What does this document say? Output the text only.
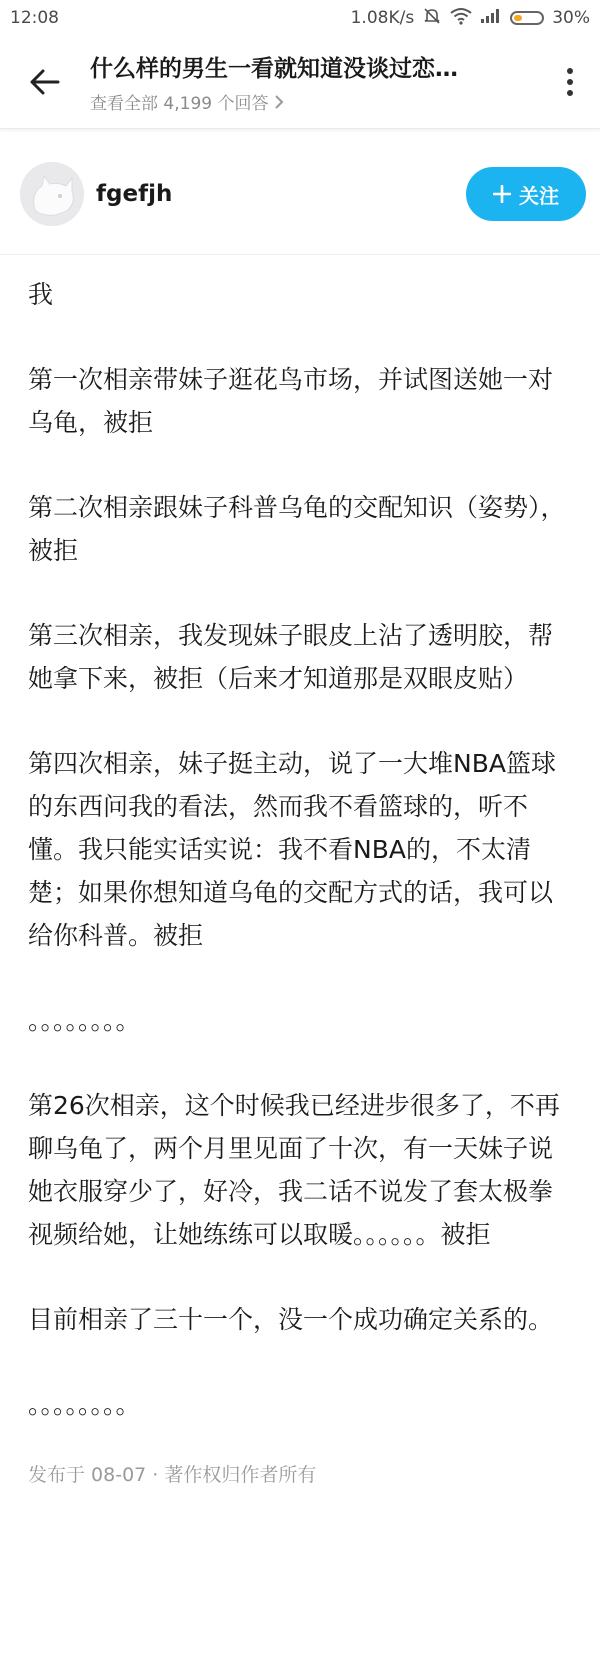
12:08	1.08K/s	30%
什么样的男生一看就知道没谈过恋…
查看全部 4,199 个回答
fgefjh	关注

我

第一次相亲带妹子逛花鸟市场，并试图送她一对乌龟，被拒

第二次相亲跟妹子科普乌龟的交配知识（姿势），被拒

第三次相亲，我发现妹子眼皮上沾了透明胶，帮她拿下来，被拒（后来才知道那是双眼皮贴）

第四次相亲，妹子挺主动，说了一大堆NBA篮球的东西问我的看法，然而我不看篮球的，听不懂。我只能实话实说：我不看NBA的，不太清楚；如果你想知道乌龟的交配方式的话，我可以给你科普。被拒

。。。。。。。。

第26次相亲，这个时候我已经进步很多了，不再聊乌龟了，两个月里见面了十次，有一天妹子说她衣服穿少了，好冷，我二话不说发了套太极拳视频给她，让她练练可以取暖。。。。。。被拒

目前相亲了三十一个，没一个成功确定关系的。

。。。。。。。。

发布于 08-07 · 著作权归作者所有
